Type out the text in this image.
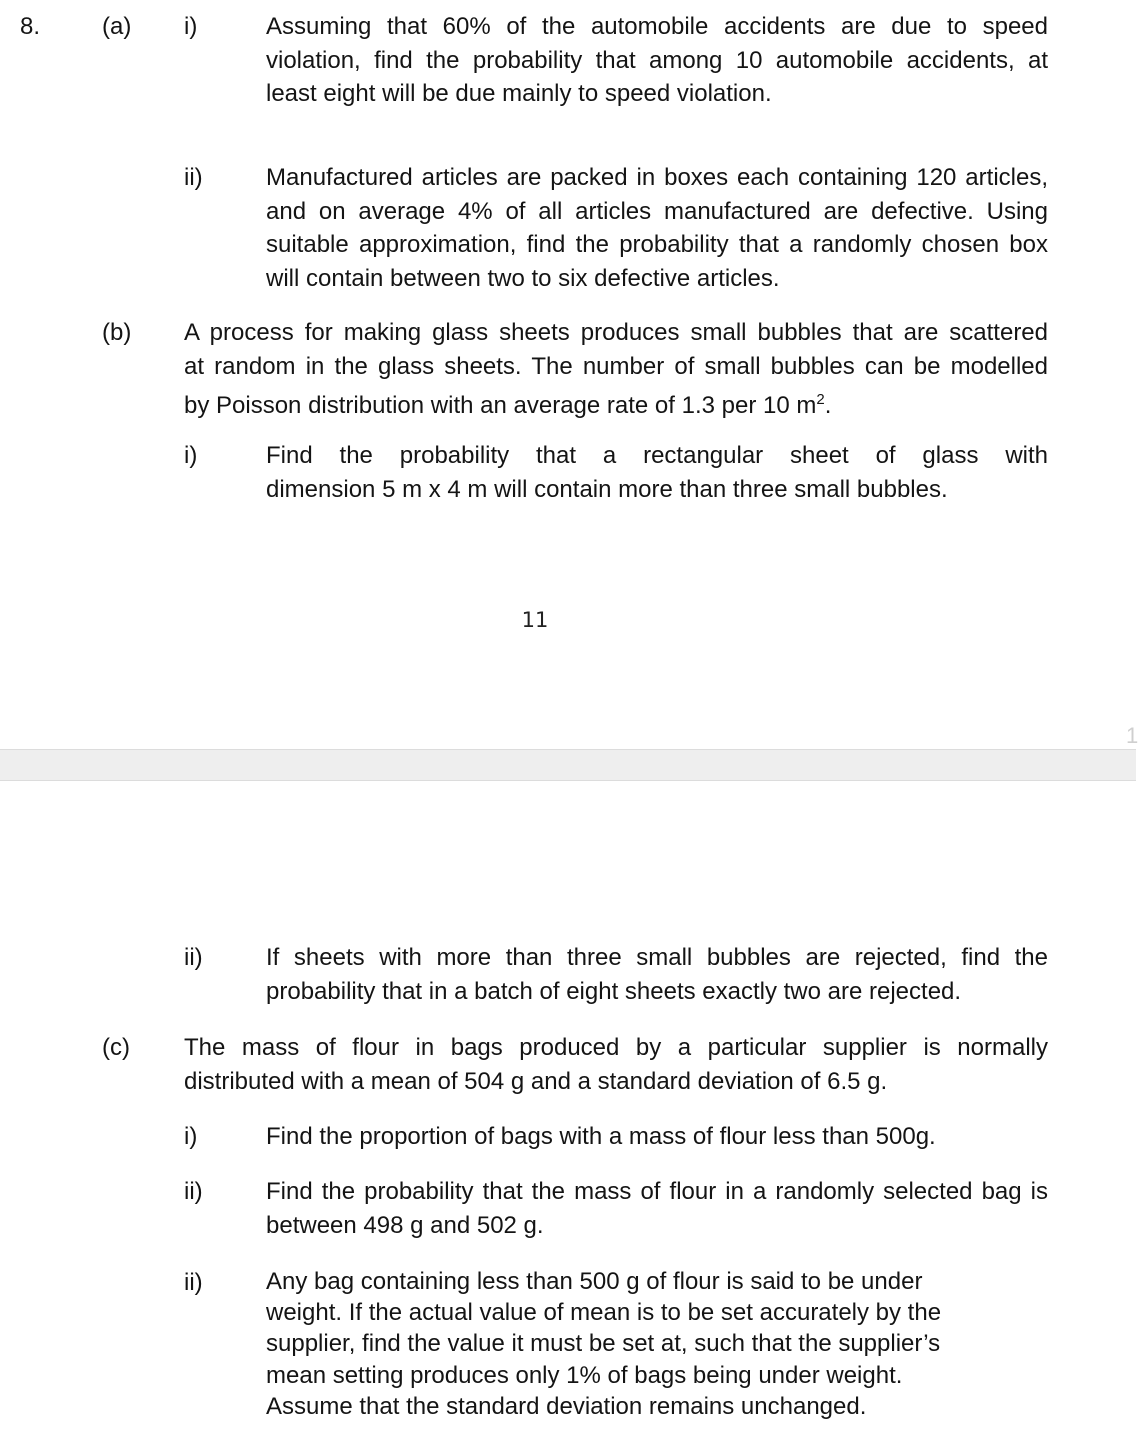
8.	(a) i)	Assuming that 60% of the automobile accidents are due to speed
violation, find the probability that among 10 automobile accidents, at
least eight will be due mainly to speed violation.
ii)	Manufactured articles are packed in boxes each containing 120 articles,
and on average 4% of all articles manufactured are defective. Using
suitable approximation, find the probability that a randomly chosen box
will contain between two to six defective articles.
(b) A process for making glass sheets produces small bubbles that are scattered
at random in the glass sheets. The number of small bubbles can be modelled
by Poisson distribution with an average rate of 1.3 per 10 $m^2$.
i)	Find the probability that a rectangular sheet of glass with
dimension 5 m x 4 m will contain more than three small bubbles.
11
1
ii)	If sheets with more than three small bubbles are rejected, find the
probability that in a batch of eight sheets exactly two are rejected.
(c) The mass of flour in bags produced by a particular supplier is normally
distributed with a mean of 504 g and a standard deviation of 6.5 g.
i)	Find the proportion of bags with a mass of flour less than 500g.
ii)	Find the probability that the mass of flour in a randomly selected bag is
between 498 g and 502 g.
ii)	Any bag containing less than 500 g of flour is said to be under
weight. If the actual value of mean is to be set accurately by the
supplier, find the value it must be set at, such that the supplier’s
mean setting produces only 1% of bags being under weight.
Assume that the standard deviation remains unchanged.
